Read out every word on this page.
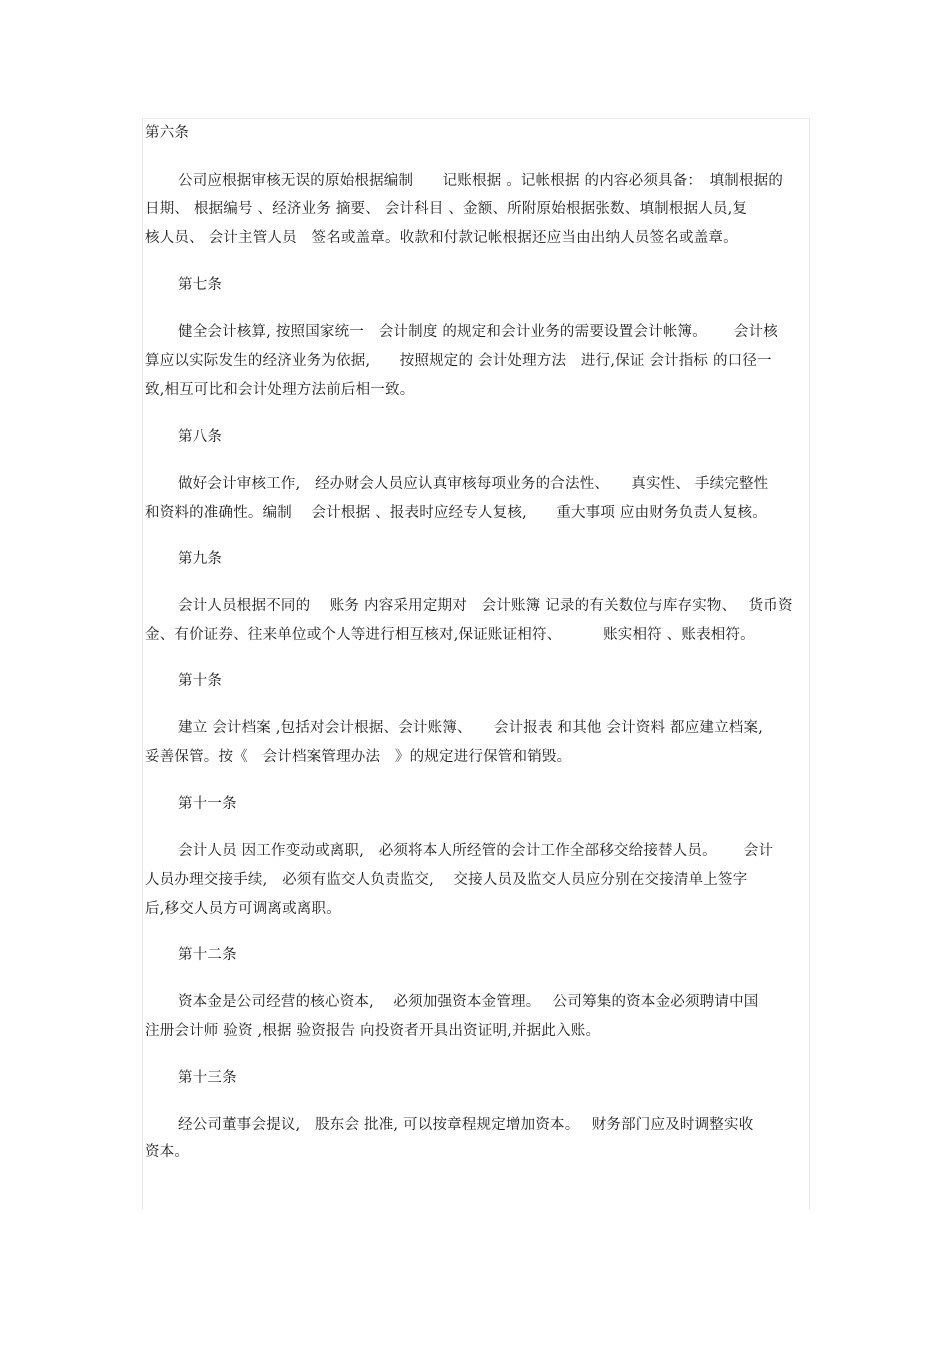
第六条
公司应根据审核无误的原始根据编制　　记账根据 。记帐根据 的内容必须具备：　填制根据的
日期、 根据编号 、经济业务 摘要、 会计科目 、金额、所附原始根据张数、填制根据人员,复
核人员、 会计主管人员　签名或盖章。收款和付款记帐根据还应当由出纳人员签名或盖章。
第七条
健全会计核算, 按照国家统一　会计制度 的规定和会计业务的需要设置会计帐簿。　　 会计核
算应以实际发生的经济业务为依据,　　按照规定的 会计处理方法　进行,保证 会计指标 的口径一
致,相互可比和会计处理方法前后相一致。
第八条
做好会计审核工作,　经办财会人员应认真审核每项业务的合法性、　　真实性、 手续完整性
和资料的准确性。编制　 会计根据 、报表时应经专人复核,　　重大事项 应由财务负责人复核。
第九条
会计人员根据不同的　 账务 内容采用定期对　会计账簿 记录的有关数位与库存实物、　 货币资
金、有价证券、往来单位或个人等进行相互核对,保证账证相符、　　　 账实相符 、账表相符。
第十条
建立 会计档案 ,包括对会计根据、会计账簿、　　会计报表 和其他 会计资料 都应建立档案,
妥善保管。按《　会计档案管理办法　》的规定进行保管和销毁。
第十一条
会计人员 因工作变动或离职,　必须将本人所经管的会计工作全部移交给接替人员。　　 会计
人员办理交接手续,　必须有监交人负责监交,　 交接人员及监交人员应分别在交接清单上签字
后,移交人员方可调离或离职。
第十二条
资本金是公司经营的核心资本,　 必须加强资本金管理。　 公司筹集的资本金必须聘请中国
注册会计师 验资 ,根据 验资报告 向投资者开具出资证明,并据此入账。
第十三条
经公司董事会提议,　股东会 批准, 可以按章程规定增加资本。　 财务部门应及时调整实收
资本。
